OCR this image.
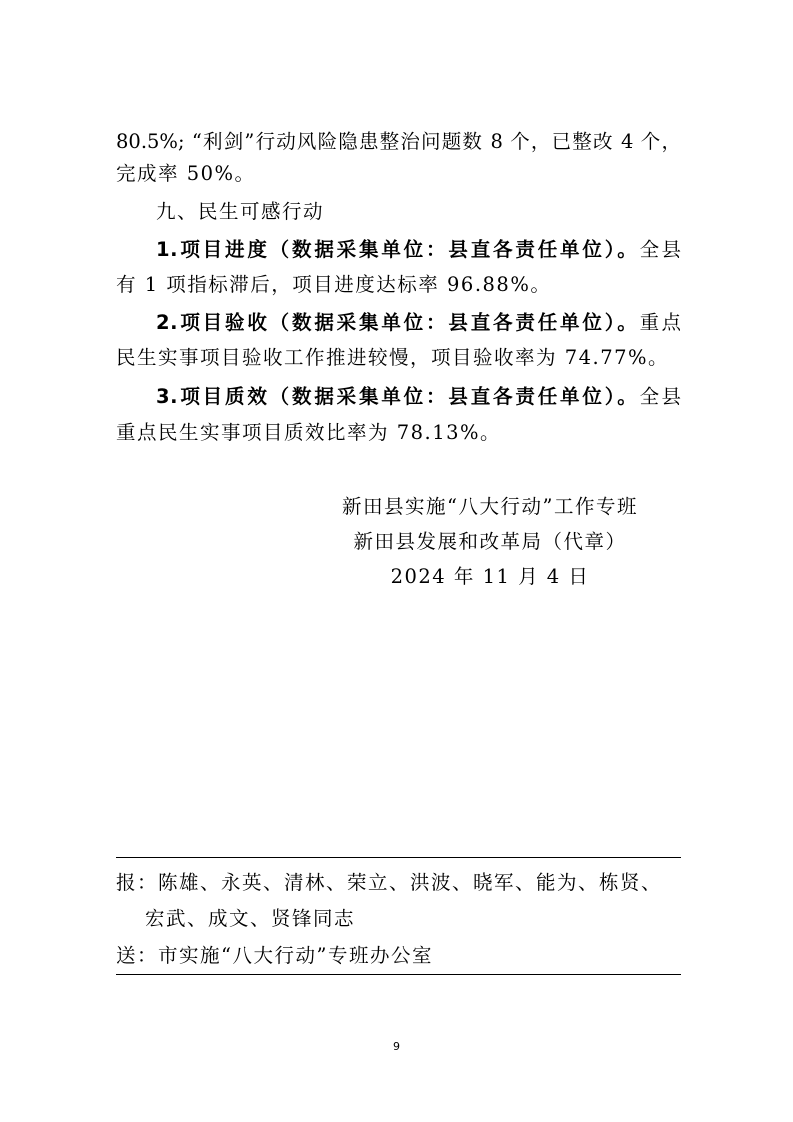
80.5%; “利剑”行动风险隐患整治问题数 8 个，已整改 4 个，
完成率 50%。
九、民生可感行动
1.项目进度（数据采集单位：县直各责任单位）。全县
有 1 项指标滞后，项目进度达标率 96.88%。
2.项目验收（数据采集单位：县直各责任单位）。重点
民生实事项目验收工作推进较慢，项目验收率为 74.77%。
3.项目质效（数据采集单位：县直各责任单位）。全县
重点民生实事项目质效比率为 78.13%。
新田县实施“八大行动”工作专班
新田县发展和改革局（代章）
2024 年 11 月 4 日
报：陈雄、永英、清林、荣立、洪波、晓军、能为、栋贤、
宏武、成文、贤锋同志
送：市实施“八大行动”专班办公室
9
